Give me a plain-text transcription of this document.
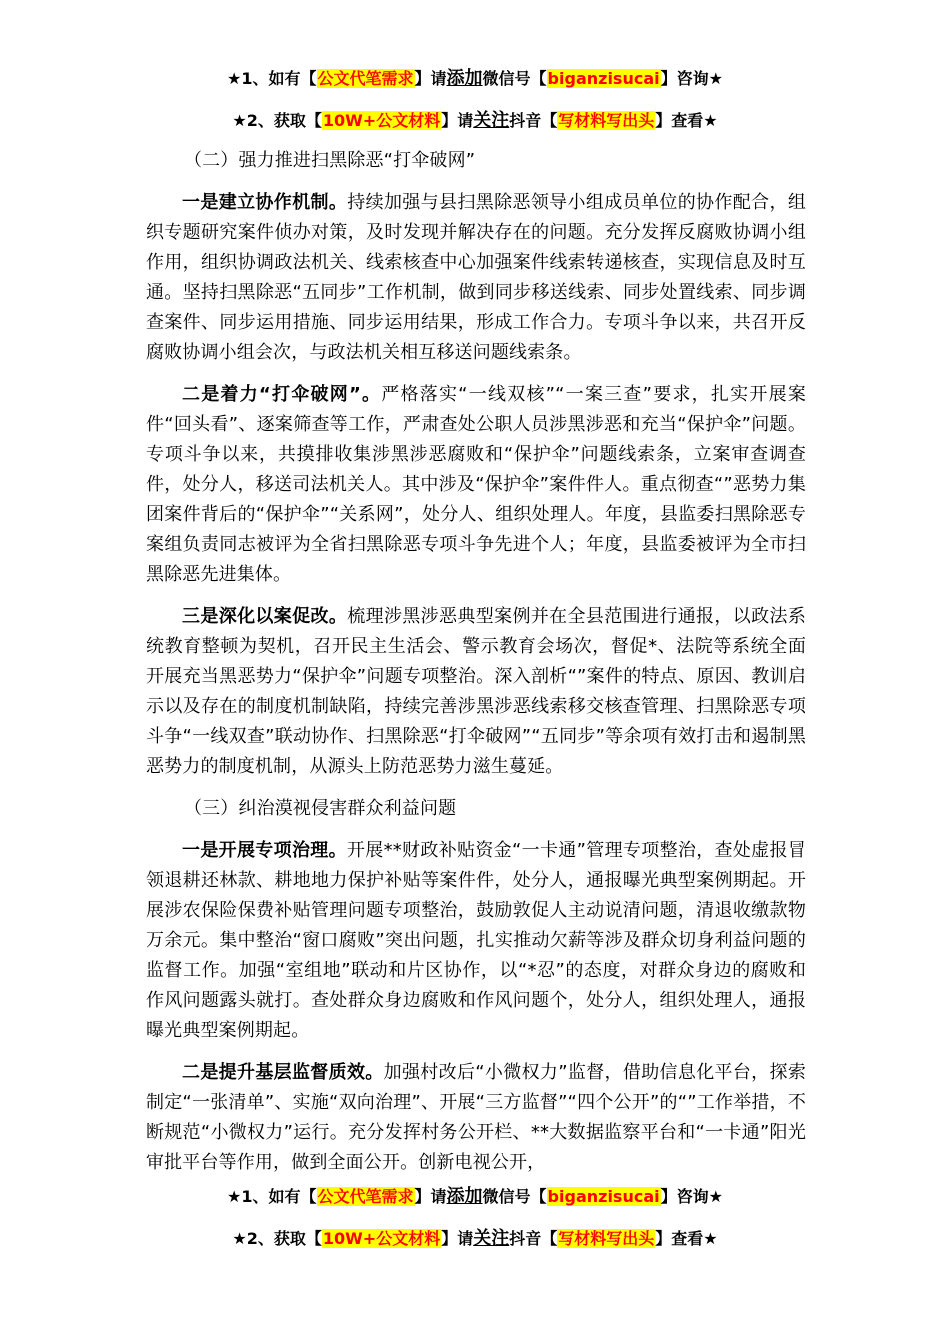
★1、如有【公文代笔需求】请添加微信号【biganzisucai】咨询★
★2、获取【10W+公文材料】请关注抖音【写材料写出头】查看★

（二）强力推进扫黑除恶“打伞破网”

一是建立协作机制。持续加强与县扫黑除恶领导小组成员单位的协作配合，组织专题研究案件侦办对策，及时发现并解决存在的问题。充分发挥反腐败协调小组作用，组织协调政法机关、线索核查中心加强案件线索转递核查，实现信息及时互通。坚持扫黑除恶“五同步”工作机制，做到同步移送线索、同步处置线索、同步调查案件、同步运用措施、同步运用结果，形成工作合力。专项斗争以来，共召开反腐败协调小组会次，与政法机关相互移送问题线索条。

二是着力“打伞破网”。严格落实“一线双核”“一案三查”要求，扎实开展案件“回头看”、逐案筛查等工作，严肃查处公职人员涉黑涉恶和充当“保护伞”问题。专项斗争以来，共摸排收集涉黑涉恶腐败和“保护伞”问题线索条，立案审查调查件，处分人，移送司法机关人。其中涉及“保护伞”案件件人。重点彻查“”恶势力集团案件背后的“保护伞”“关系网”，处分人、组织处理人。年度，县监委扫黑除恶专案组负责同志被评为全省扫黑除恶专项斗争先进个人；年度，县监委被评为全市扫黑除恶先进集体。

三是深化以案促改。梳理涉黑涉恶典型案例并在全县范围进行通报，以政法系统教育整顿为契机，召开民主生活会、警示教育会场次，督促*、法院等系统全面开展充当黑恶势力“保护伞”问题专项整治。深入剖析“”案件的特点、原因、教训启示以及存在的制度机制缺陷，持续完善涉黑涉恶线索移交核查管理、扫黑除恶专项斗争“一线双查”联动协作、扫黑除恶“打伞破网”“五同步”等余项有效打击和遏制黑恶势力的制度机制，从源头上防范恶势力滋生蔓延。

（三）纠治漠视侵害群众利益问题

一是开展专项治理。开展**财政补贴资金“一卡通”管理专项整治，查处虚报冒领退耕还林款、耕地地力保护补贴等案件件，处分人，通报曝光典型案例期起。开展涉农保险保费补贴管理问题专项整治，鼓励敦促人主动说清问题，清退收缴款物万余元。集中整治“窗口腐败”突出问题，扎实推动欠薪等涉及群众切身利益问题的监督工作。加强“室组地”联动和片区协作，以“*忍”的态度，对群众身边的腐败和作风问题露头就打。查处群众身边腐败和作风问题个，处分人，组织处理人，通报曝光典型案例期起。

二是提升基层监督质效。加强村改后“小微权力”监督，借助信息化平台，探索制定“一张清单”、实施“双向治理”、开展“三方监督”“四个公开”的“”工作举措，不断规范“小微权力”运行。充分发挥村务公开栏、**大数据监察平台和“一卡通”阳光审批平台等作用，做到全面公开。创新电视公开，

★1、如有【公文代笔需求】请添加微信号【biganzisucai】咨询★
★2、获取【10W+公文材料】请关注抖音【写材料写出头】查看★
